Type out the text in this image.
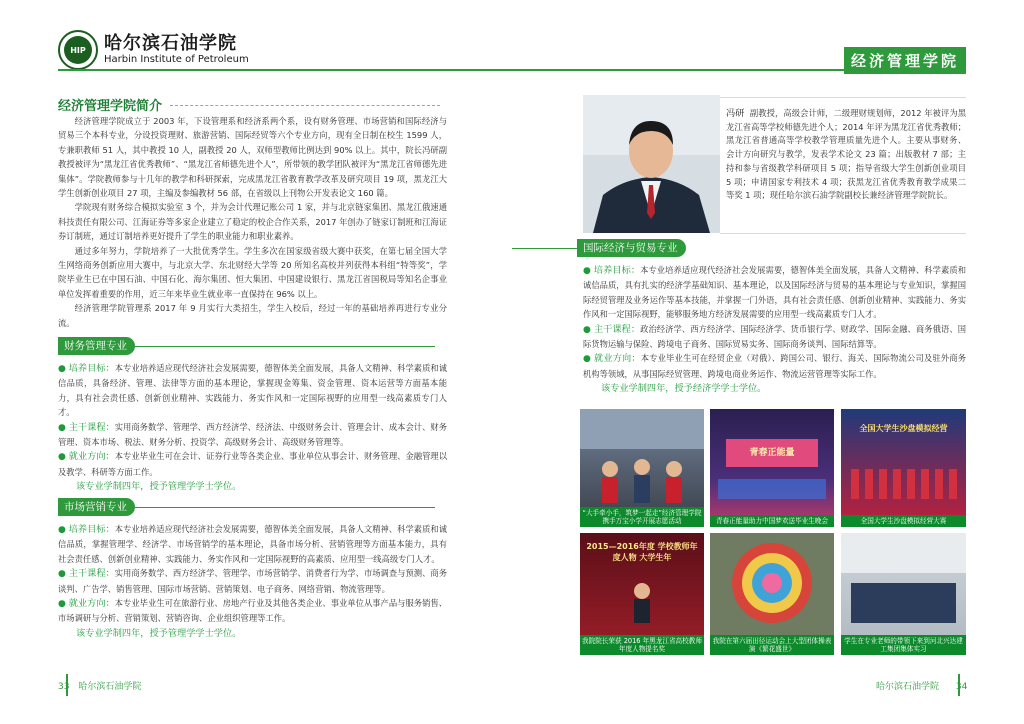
HIP	哈尔滨石油学院
Harbin Institute of Petroleum
经济管理学院简介

经济管理学院成立于 2003 年，下设管理系和经济系两个系，设有财务管理、市场营销和国际经济与贸易三个本科专业，分设投资理财、旅游营销、国际经贸等六个专业方向，现有全日制在校生 1599 人，专兼职教师 51 人，其中教授 10 人，副教授 20 人，双师型教师比例达到 90% 以上。其中，院长冯研副教授被评为“黑龙江省优秀教师”、“黑龙江省师德先进个人”，所带领的教学团队被评为“黑龙江省师德先进集体”。学院教师参与十几年的教学和科研探索，完成黑龙江省教育教学改革及研究项目 19 项，黑龙江大学生创新创业项目 27 项，主编及参编教材 56 部，在省级以上刊物公开发表论文 160 篇。

学院现有财务综合模拟实验室 3 个，并为会计代理记账公司 1 家，并与北京链家集团、黑龙江俄速通科技责任有限公司、江海证券等多家企业建立了稳定的校企合作关系，2017 年创办了链家订制班和江海证券订制班，通过订制培养更好提升了学生的职业能力和职业素养。

通过多年努力，学院培养了一大批优秀学生。学生多次在国家级省级大赛中获奖，在第七届全国大学生网络商务创新应用大赛中，与北京大学、东北财经大学等 20 所知名高校并列获得本科组“特等奖”，学院毕业生已在中国石油、中国石化、海尔集团、恒大集团、中国建设银行、黑龙江省国税局等知名企事业单位发挥着重要的作用，近三年来毕业生就业率一直保持在 96% 以上。

经济管理学院管理系 2017 年 9 月实行大类招生，学生入校后，经过一年的基础培养再进行专业分流。

财务管理专业
● 培养目标：本专业培养适应现代经济社会发展需要，德智体美全面发展，具备人文精神、科学素质和诚信品质，具备经济、管理、法律等方面的基本理论，掌握现金筹集、资金管理、资本运营等方面基本能力，具有社会责任感、创新创业精神、实践能力、务实作风和一定国际视野的应用型一线高素质专门人才。
● 主干课程：实用商务数学、管理学、西方经济学、经济法、中级财务会计、管理会计、成本会计、财务管理、资本市场、税法、财务分析、投资学、高级财务会计、高级财务管理等。
● 就业方向：本专业毕业生可在会计、证券行业等各类企业、事业单位从事会计、财务管理、金融管理以及教学、科研等方面工作。
该专业学制四年，授予管理学学士学位。
市场营销专业
● 培养目标：本专业培养适应现代经济社会发展需要，德智体美全面发展，具备人文精神、科学素质和诚信品质，掌握管理学、经济学、市场营销学的基本理论，具备市场分析、营销管理等方面基本能力，具有社会责任感、创新创业精神、实践能力、务实作风和一定国际视野的高素质、应用型一线高级专门人才。
● 主干课程：实用商务数学、西方经济学、管理学、市场营销学、消费者行为学、市场调查与预测、商务谈判、广告学、销售管理、国际市场营销、营销策划、电子商务、网络营销、物流管理等。
● 就业方向：本专业毕业生可在旅游行业、房地产行业及其他各类企业、事业单位从事产品与服务销售、市场调研与分析、营销策划、营销咨询、企业组织管理等工作。
该专业学制四年，授予管理学学士学位。
33 哈尔滨石油学院
经济管理学院
冯研 副教授，高级会计师，二级理财规划师，2012 年被评为黑龙江省高等学校师德先进个人；2014 年评为黑龙江省优秀教师；黑龙江省普通高等学校教学管理质量先进个人。主要从事财务、会计方向研究与教学，发表学术论文 23 篇；出版教材 7 部；主持和参与省级教学科研项目 5 项；指导省级大学生创新创业项目 5 项；申请国家专利技术 4 项；获黑龙江省优秀教育教学成果二等奖 1 项；现任哈尔滨石油学院副校长兼经济管理学院院长。
国际经济与贸易专业
● 培养目标：本专业培养适应现代经济社会发展需要，德智体美全面发展，具备人文精神、科学素质和诚信品质，具有扎实的经济学基础知识、基本理论，以及国际经济与贸易的基本理论与专业知识，掌握国际经贸管理及业务运作等基本技能，并掌握一门外语，具有社会责任感、创新创业精神、实践能力、务实作风和一定国际视野，能够服务地方经济发展需要的应用型一线高素质专门人才。
● 主干课程：政治经济学、西方经济学、国际经济学、货币银行学、财政学、国际金融、商务俄语、国际货物运输与保险、跨境电子商务、国际贸易实务、国际商务谈判、国际结算等。
● 就业方向：本专业毕业生可在经贸企业（对俄）、跨国公司、银行、海关、国际物流公司及驻外商务机构等领域，从事国际经贸管理、跨境电商业务运作、物流运营管理等实际工作。
该专业学制四年，授予经济学学士学位。
“大手牵小手，筑梦一起走”经济管理学院携手万宝小学开展志愿活动
青春正能量
青春正能量助力中国梦欢送毕业生晚会
全国大学生沙盘模拟经营
全国大学生沙盘模拟经营大赛
2015—2016年度 学校教师年度人物 大学生年
我院院长荣获 2016 年黑龙江省高校教师年度人物提名奖
我院在第六届田径运动会上大型团体操表演《繁花盛世》
学生在专业老师的带领下来到河北兴达建工集团集体实习
哈尔滨石油学院 34
